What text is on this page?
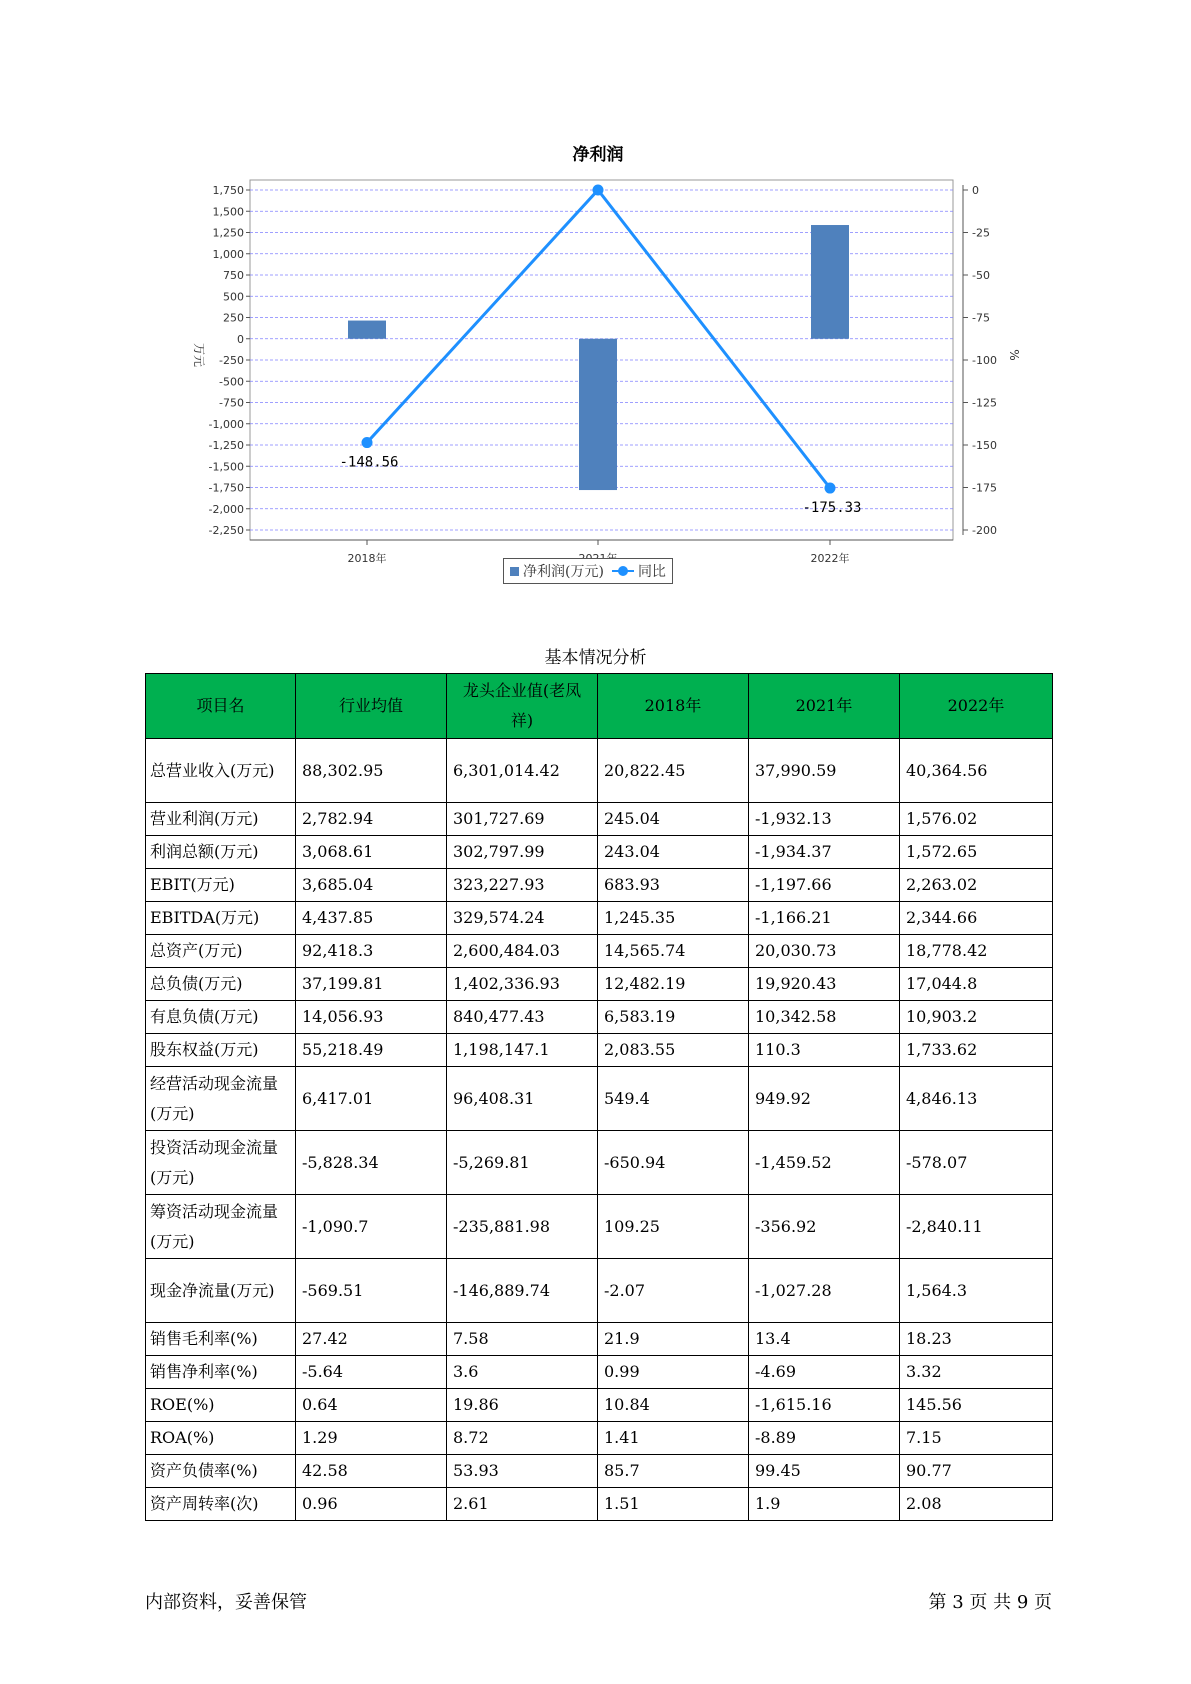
净利润
1,750
1,500
1,250
1,000
750
500
250
0
-250
-500
-750
-1,000
-1,250
-1,500
-1,750
-2,000
-2,250
0
-25
-50
-75
-100
-125
-150
-175
-200
2018年	2022年
万元	%
-148.56
-175.33
净利润(万元) 同比
基本情况分析
项目名	行业均值	龙头企业值(老凤祥)	2018年	2021年	2022年
总营业收入(万元)	88,302.95	6,301,014.42	20,822.45	37,990.59	40,364.56
营业利润(万元)	2,782.94	301,727.69	245.04	-1,932.13	1,576.02
利润总额(万元)	3,068.61	302,797.99	243.04	-1,934.37	1,572.65
EBIT(万元)	3,685.04	323,227.93	683.93	-1,197.66	2,263.02
EBITDA(万元)	4,437.85	329,574.24	1,245.35	-1,166.21	2,344.66
总资产(万元)	92,418.3	2,600,484.03	14,565.74	20,030.73	18,778.42
总负债(万元)	37,199.81	1,402,336.93	12,482.19	19,920.43	17,044.8
有息负债(万元)	14,056.93	840,477.43	6,583.19	10,342.58	10,903.2
股东权益(万元)	55,218.49	1,198,147.1	2,083.55	110.3	1,733.62
经营活动现金流量(万元)	6,417.01	96,408.31	549.4	949.92	4,846.13
投资活动现金流量(万元)	-5,828.34	-5,269.81	-650.94	-1,459.52	-578.07
筹资活动现金流量(万元)	-1,090.7	-235,881.98	109.25	-356.92	-2,840.11
现金净流量(万元)	-569.51	-146,889.74	-2.07	-1,027.28	1,564.3
销售毛利率(%)	27.42	7.58	21.9	13.4	18.23
销售净利率(%)	-5.64	3.6	0.99	-4.69	3.32
ROE(%)	0.64	19.86	10.84	-1,615.16	145.56
ROA(%)	1.29	8.72	1.41	-8.89	7.15
资产负债率(%)	42.58	53.93	85.7	99.45	90.77
资产周转率(次)	0.96	2.61	1.51	1.9	2.08
内部资料，妥善保管	第 3 页 共 9 页
